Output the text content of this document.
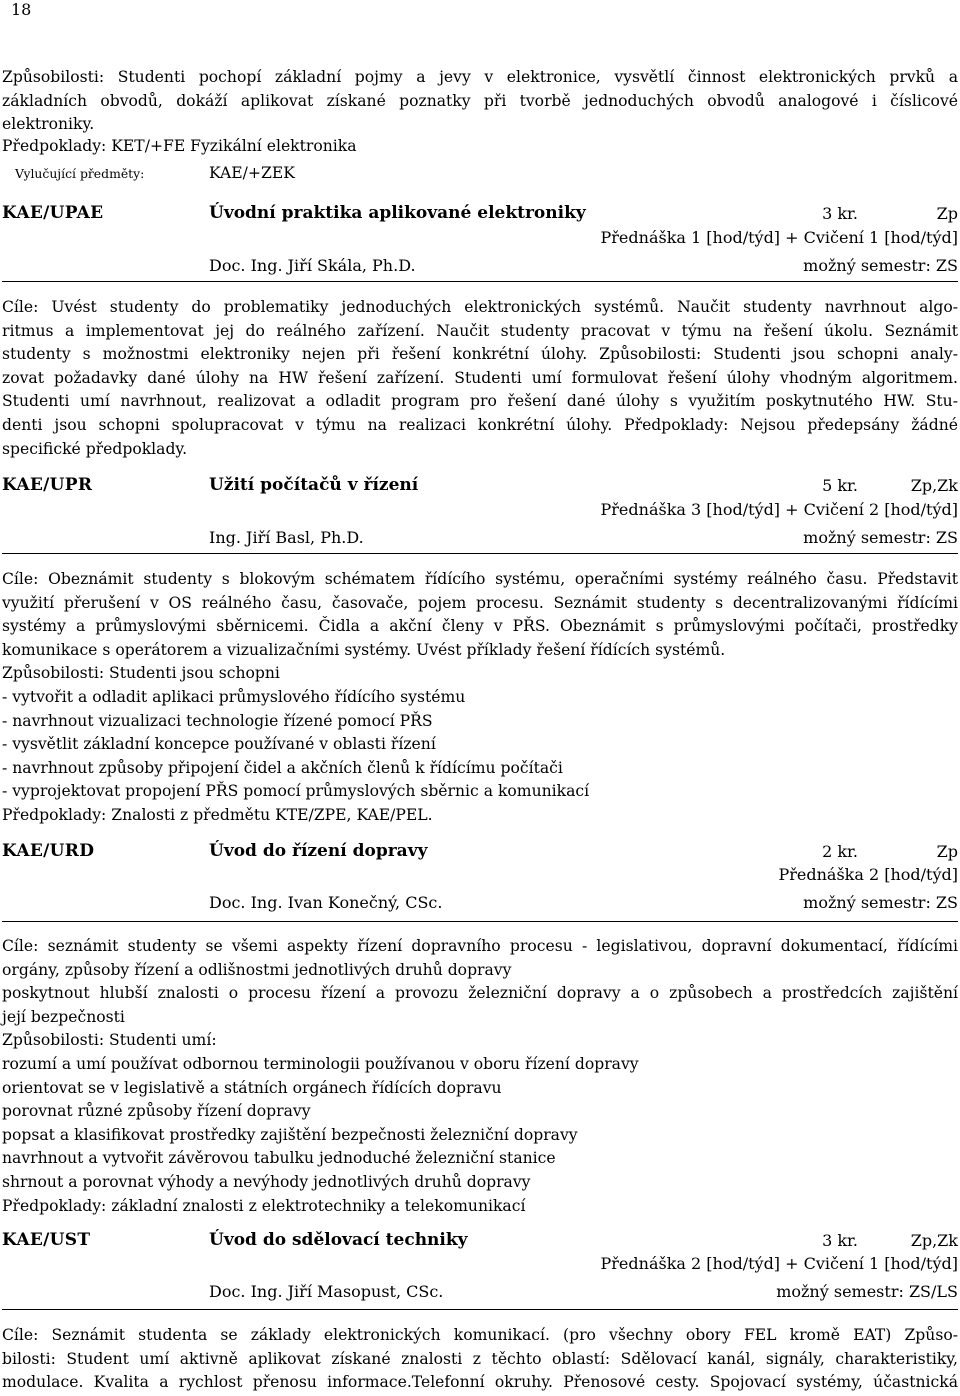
18
Způsobilosti: Studenti pochopí základní pojmy a jevy v elektronice, vysvětlí činnost elektronických prvků a
základních obvodů, dokáží aplikovat získané poznatky při tvorbě jednoduchých obvodů analogové i číslicové
elektroniky.
Předpoklady: KET/+FE Fyzikální elektronika
Vylučující předměty:	KAE/+ZEK
KAE/UPAE	Úvodní praktika aplikované elektroniky	3 kr.	Zp
Přednáška 1 [hod/týd] + Cvičení 1 [hod/týd]
Doc. Ing. Jiří Skála, Ph.D.	možný semestr: ZS
Cíle: Uvést studenty do problematiky jednoduchých elektronických systémů. Naučit studenty navrhnout algo-
ritmus a implementovat jej do reálného zařízení. Naučit studenty pracovat v týmu na řešení úkolu. Seznámit
studenty s možnostmi elektroniky nejen při řešení konkrétní úlohy. Způsobilosti: Studenti jsou schopni analy-
zovat požadavky dané úlohy na HW řešení zařízení. Studenti umí formulovat řešení úlohy vhodným algoritmem.
Studenti umí navrhnout, realizovat a odladit program pro řešení dané úlohy s využitím poskytnutého HW. Stu-
denti jsou schopni spolupracovat v týmu na realizaci konkrétní úlohy. Předpoklady: Nejsou předepsány žádné
specifické předpoklady.
KAE/UPR	Užití počítačů v řízení	5 kr.	Zp,Zk
Přednáška 3 [hod/týd] + Cvičení 2 [hod/týd]
Ing. Jiří Basl, Ph.D.	možný semestr: ZS
Cíle: Obeznámit studenty s blokovým schématem řídícího systému, operačními systémy reálného času. Představit
využití přerušení v OS reálného času, časovače, pojem procesu. Seznámit studenty s decentralizovanými řídícími
systémy a průmyslovými sběrnicemi. Čidla a akční členy v PŘS. Obeznámit s průmyslovými počítači, prostředky
komunikace s operátorem a vizualizačními systémy. Uvést příklady řešení řídících systémů.
Způsobilosti: Studenti jsou schopni
- vytvořit a odladit aplikaci průmyslového řídícího systému
- navrhnout vizualizaci technologie řízené pomocí PŘS
- vysvětlit základní koncepce používané v oblasti řízení
- navrhnout způsoby připojení čidel a akčních členů k řídícímu počítači
- vyprojektovat propojení PŘS pomocí průmyslových sběrnic a komunikací
Předpoklady: Znalosti z předmětu KTE/ZPE, KAE/PEL.
KAE/URD	Úvod do řízení dopravy	2 kr.	Zp
Přednáška 2 [hod/týd]
Doc. Ing. Ivan Konečný, CSc.	možný semestr: ZS
Cíle: seznámit studenty se všemi aspekty řízení dopravního procesu - legislativou, dopravní dokumentací, řídícími
orgány, způsoby řízení a odlišnostmi jednotlivých druhů dopravy
poskytnout hlubší znalosti o procesu řízení a provozu železniční dopravy a o způsobech a prostředcích zajištění
její bezpečnosti
Způsobilosti: Studenti umí:
rozumí a umí používat odbornou terminologii používanou v oboru řízení dopravy
orientovat se v legislativě a státních orgánech řídících dopravu
porovnat různé způsoby řízení dopravy
popsat a klasifikovat prostředky zajištění bezpečnosti železniční dopravy
navrhnout a vytvořit závěrovou tabulku jednoduché železniční stanice
shrnout a porovnat výhody a nevýhody jednotlivých druhů dopravy
Předpoklady: základní znalosti z elektrotechniky a telekomunikací
KAE/UST	Úvod do sdělovací techniky	3 kr.	Zp,Zk
Přednáška 2 [hod/týd] + Cvičení 1 [hod/týd]
Doc. Ing. Jiří Masopust, CSc.	možný semestr: ZS/LS
Cíle: Seznámit studenta se základy elektronických komunikací. (pro všechny obory FEL kromě EAT) Způso-
bilosti: Student umí aktivně aplikovat získané znalosti z těchto oblastí: Sdělovací kanál, signály, charakteristiky,
modulace. Kvalita a rychlost přenosu informace.Telefonní okruhy. Přenosové cesty. Spojovací systémy, účastnická
